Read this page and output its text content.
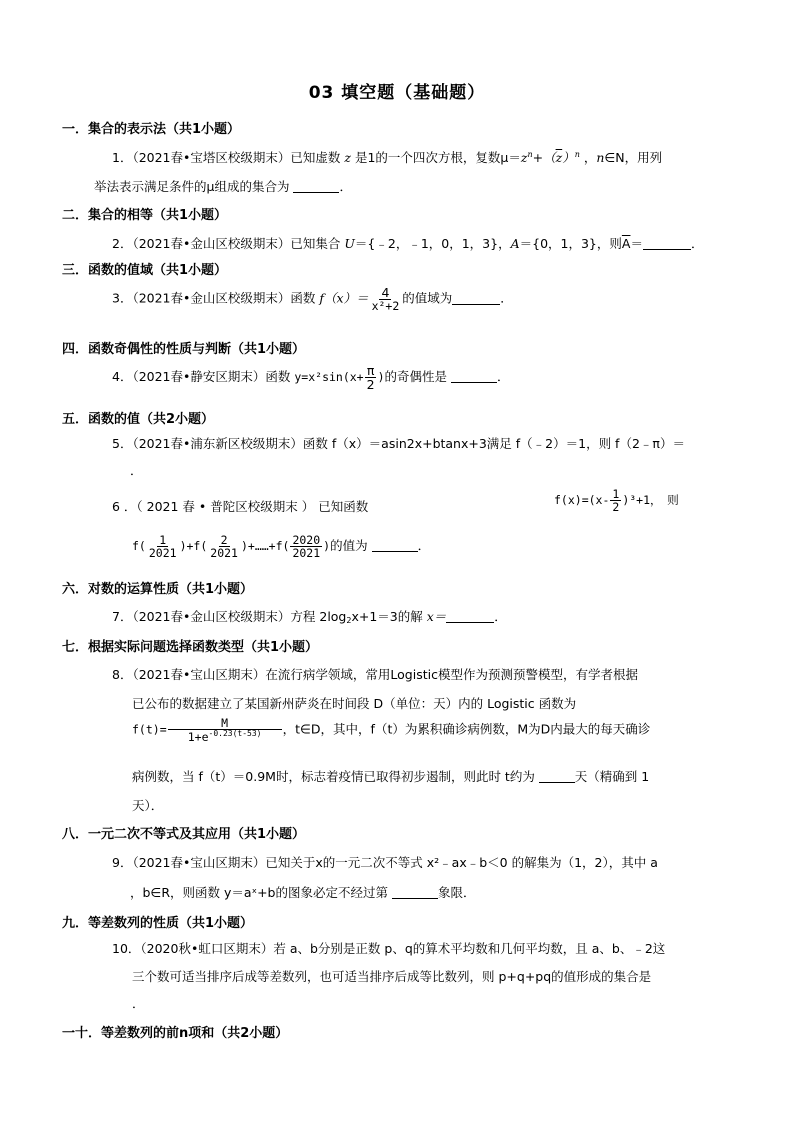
03 填空题（基础题）
一．集合的表示法（共1小题）
1．（2021春•宝塔区校级期末）已知虚数 z 是1的一个四次方根，复数$\mu=z^n+(\overline{z})^n$ ，n∈N，用列
举法表示满足条件的μ组成的集合为	．
二．集合的相等（共1小题）
2．（2021春•金山区校级期末）已知集合 U＝{﹣2，﹣1，0，1，3}，A＝{0，1，3}，则$\overline{A}=$	．
三．函数的值域（共1小题）
3．（2021春•金山区校级期末）函数 $f(x)= \frac{4}{\text{x²+2}}$ 的值域为	．
四．函数奇偶性的性质与判断（共1小题）
4．（2021春•静安区期末）函数 $y=x^2\sin(x+ \frac{\pi}{2}$ )的奇偶性是	．
五．函数的值（共2小题）
5．（2021春•浦东新区校级期末）函数 f（x）＝asin2x+btanx+3满足 f（﹣2）＝1，则 f（2﹣π）＝
．
6 ．（ 2021 春 • 普陀区校级期末 ） 已知函数	$f(x)=(x- \frac{1}{2} )^3+1$，　则
$f( \frac{1}{2021} )+f( \frac{2}{2021}$ )+……+f( $\frac{2020}{2021}$ )的值为	．
六．对数的运算性质（共1小题）
7．（2021春•金山区校级期末）方程 $2\log_2x+1=3$的解 x＝	．
七．根据实际问题选择函数类型（共1小题）
8．（2021春•宝山区期末）在流行病学领域，常用Logistic模型作为预测预警模型，有学者根据
已公布的数据建立了某国新州萨炎在时间段 D（单位：天）内的 Logistic 函数为
$f(t)= \frac{M}{1+e^{-0.23(t-53)}}$ ，t∈D，其中，f（t）为累积确诊病例数，M为D内最大的每天确诊
病例数，当 f（t）＝0.9M时，标志着疫情已取得初步遏制，则此时 t约为	天（精确到 1
天）．
八．一元二次不等式及其应用（共1小题）
9．（2021春•宝山区期末）已知关于x的一元二次不等式 x²﹣ax﹣b＜0 的解集为（1，2），其中 a
，b∈R，则函数 y＝aˣ+b的图象必定不经过第	象限．
九．等差数列的性质（共1小题）
10．（2020秋•虹口区期末）若 a、b分别是正数 p、q的算术平均数和几何平均数，且 a、b、﹣2这
三个数可适当排序后成等差数列，也可适当排序后成等比数列，则 p+q+pq的值形成的集合是
．
一十．等差数列的前n项和（共2小题）
